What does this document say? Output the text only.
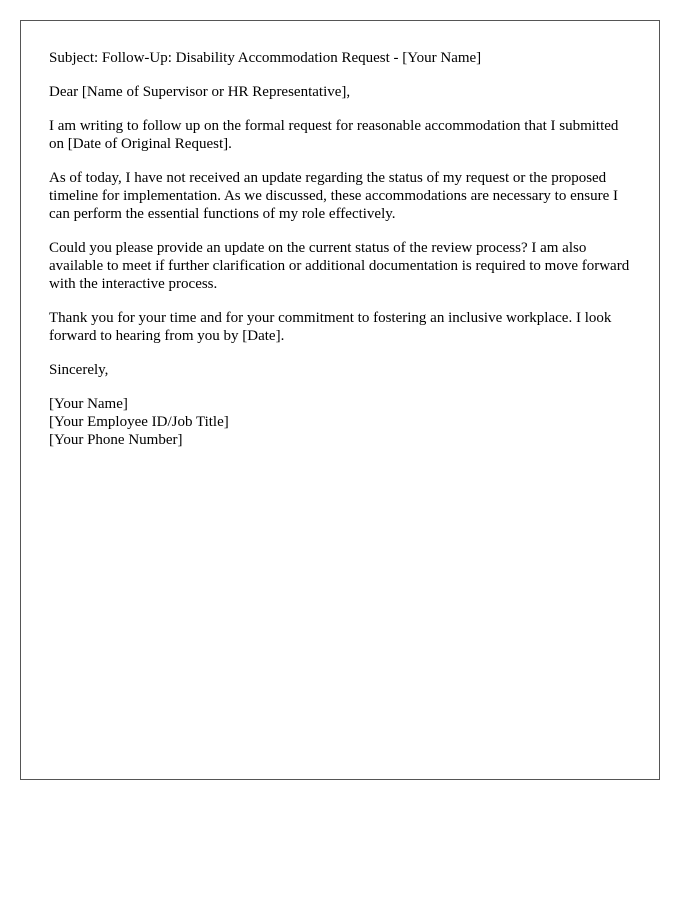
Subject: Follow-Up: Disability Accommodation Request - [Your Name]

Dear [Name of Supervisor or HR Representative],

I am writing to follow up on the formal request for reasonable accommodation that I submitted on [Date of Original Request].

As of today, I have not received an update regarding the status of my request or the proposed timeline for implementation. As we discussed, these accommodations are necessary to ensure I can perform the essential functions of my role effectively.

Could you please provide an update on the current status of the review process? I am also available to meet if further clarification or additional documentation is required to move forward with the interactive process.

Thank you for your time and for your commitment to fostering an inclusive workplace. I look forward to hearing from you by [Date].

Sincerely,

[Your Name]
[Your Employee ID/Job Title]
[Your Phone Number]
